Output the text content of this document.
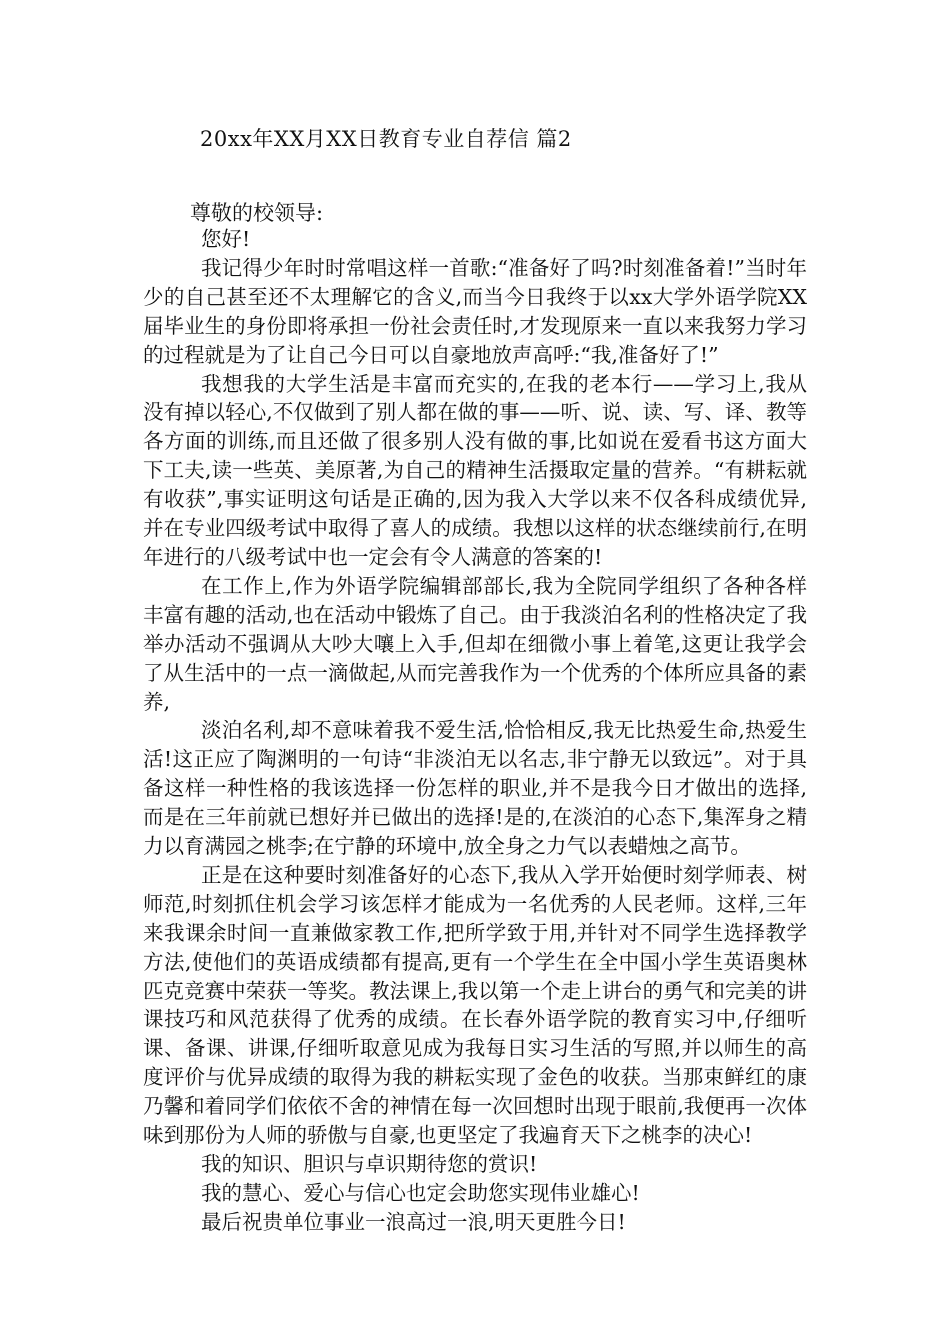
20xx年XX月XX日教育专业自荐信 篇2
尊敬的校领导:

您好!

我记得少年时时常唱这样一首歌:“准备好了吗?时刻准备着!”当时年少的自己甚至还不太理解它的含义,而当今日我终于以xx大学外语学院XX届毕业生的身份即将承担一份社会责任时,才发现原来一直以来我努力学习的过程就是为了让自己今日可以自豪地放声高呼:“我,准备好了!”

我想我的大学生活是丰富而充实的,在我的老本行——学习上,我从没有掉以轻心,不仅做到了别人都在做的事——听、说、读、写、译、教等各方面的训练,而且还做了很多别人没有做的事,比如说在爱看书这方面大下工夫,读一些英、美原著,为自己的精神生活摄取定量的营养。“有耕耘就有收获”,事实证明这句话是正确的,因为我入大学以来不仅各科成绩优异,并在专业四级考试中取得了喜人的成绩。我想以这样的状态继续前行,在明年进行的八级考试中也一定会有令人满意的答案的!

在工作上,作为外语学院编辑部部长,我为全院同学组织了各种各样丰富有趣的活动,也在活动中锻炼了自己。由于我淡泊名利的性格决定了我举办活动不强调从大吵大嚷上入手,但却在细微小事上着笔,这更让我学会了从生活中的一点一滴做起,从而完善我作为一个优秀的个体所应具备的素养,

淡泊名利,却不意味着我不爱生活,恰恰相反,我无比热爱生命,热爱生活!这正应了陶渊明的一句诗“非淡泊无以名志,非宁静无以致远”。对于具备这样一种性格的我该选择一份怎样的职业,并不是我今日才做出的选择,而是在三年前就已想好并已做出的选择!是的,在淡泊的心态下,集浑身之精力以育满园之桃李;在宁静的环境中,放全身之力气以表蜡烛之高节。

正是在这种要时刻准备好的心态下,我从入学开始便时刻学师表、树师范,时刻抓住机会学习该怎样才能成为一名优秀的人民老师。这样,三年来我课余时间一直兼做家教工作,把所学致于用,并针对不同学生选择教学方法,使他们的英语成绩都有提高,更有一个学生在全中国小学生英语奥林匹克竞赛中荣获一等奖。教法课上,我以第一个走上讲台的勇气和完美的讲课技巧和风范获得了优秀的成绩。在长春外语学院的教育实习中,仔细听课、备课、讲课,仔细听取意见成为我每日实习生活的写照,并以师生的高度评价与优异成绩的取得为我的耕耘实现了金色的收获。当那束鲜红的康乃馨和着同学们依依不舍的神情在每一次回想时出现于眼前,我便再一次体味到那份为人师的骄傲与自豪,也更坚定了我遍育天下之桃李的决心!

我的知识、胆识与卓识期待您的赏识!

我的慧心、爱心与信心也定会助您实现伟业雄心!

最后祝贵单位事业一浪高过一浪,明天更胜今日!
